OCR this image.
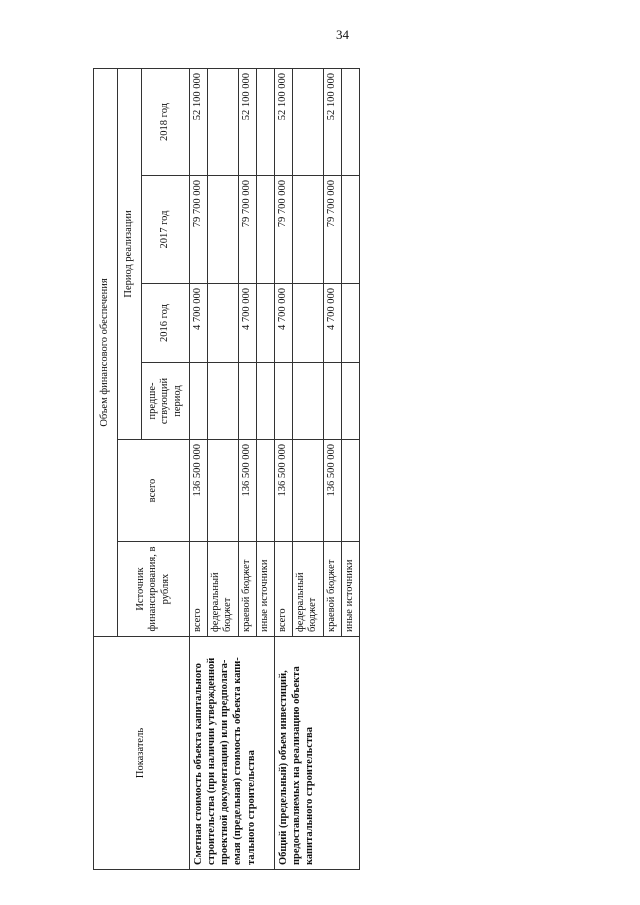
34
Показатель	Объем финансового обеспечения					
	Источник финансирования, в рублях	всего	Период реализации			
			предше-ствующий период	2016 год	2017 год	2018 год
Сметная стоимость объекта капитального строительства (при наличии утвержденной проектной документации) или предполага-емая (предельная) стоимость объекта капи-тального строительства	всего	136 500 000		4 700 000	79 700 000	52 100 000
	федеральный бюджет					
	краевой бюджет	136 500 000		4 700 000	79 700 000	52 100 000
	иные источники					
Общий (предельный) объем инвестиций, предоставляемых на реализацию объекта капитального строительства	всего	136 500 000		4 700 000	79 700 000	52 100 000
	федеральный бюджет					
	краевой бюджет	136 500 000		4 700 000	79 700 000	52 100 000
	иные источники					
